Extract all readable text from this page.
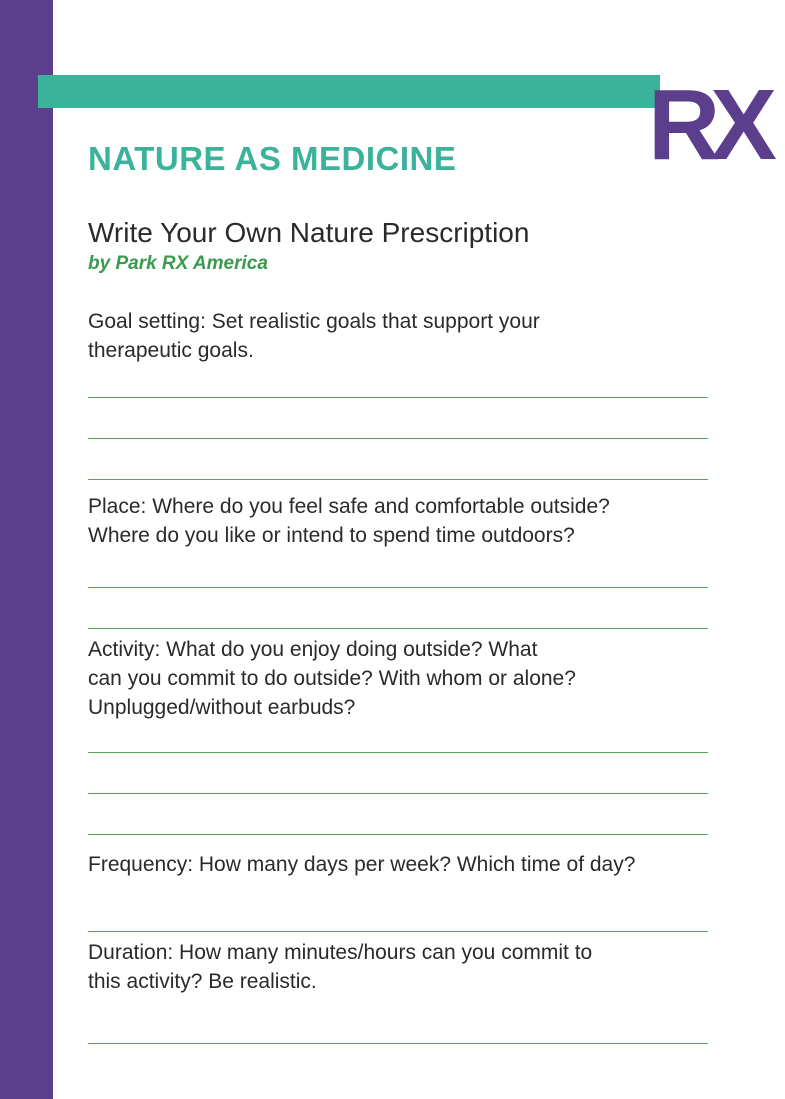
RX
NATURE AS MEDICINE
Write Your Own Nature Prescription

by Park RX America

Goal setting: Set realistic goals that support your
therapeutic goals.

Place: Where do you feel safe and comfortable outside?
Where do you like or intend to spend time outdoors?

Activity: What do you enjoy doing outside? What
can you commit to do outside? With whom or alone?
Unplugged/without earbuds?

Frequency: How many days per week? Which time of day?

Duration: How many minutes/hours can you commit to
this activity? Be realistic.
